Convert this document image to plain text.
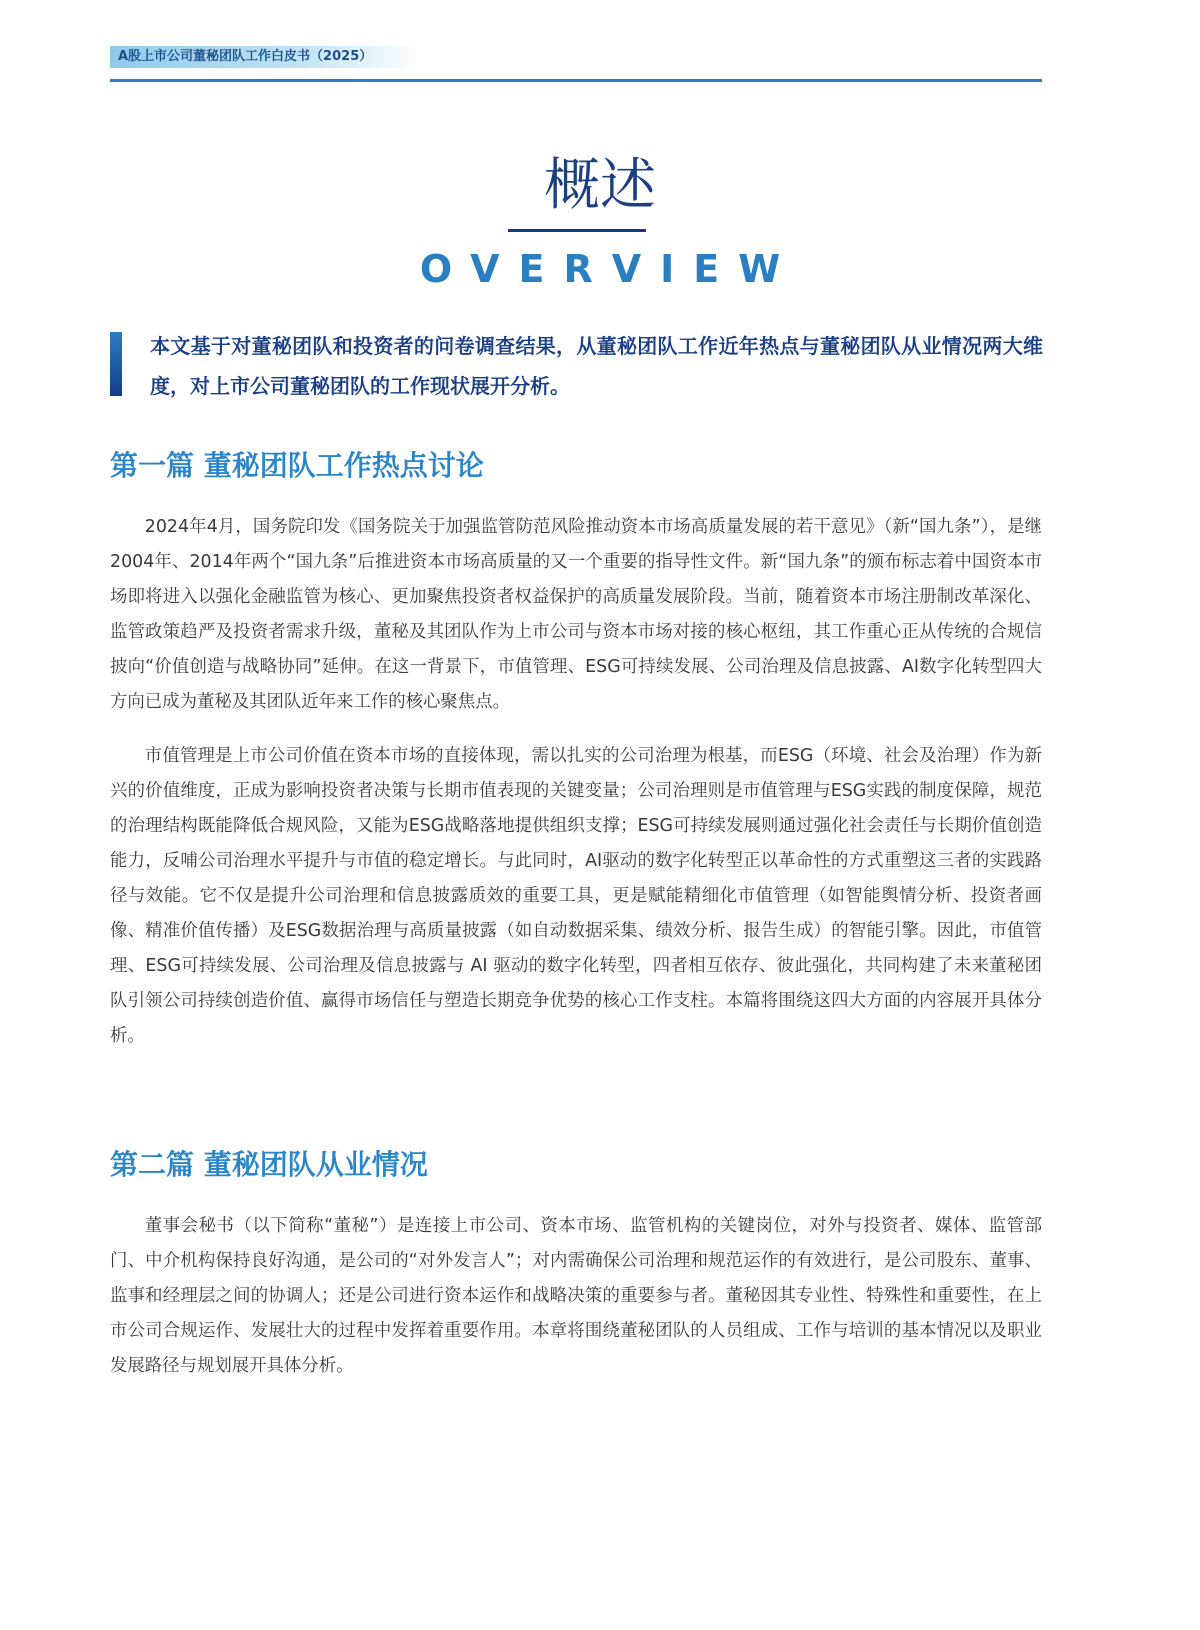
A股上市公司董秘团队工作白皮书（2025）
概述
OVERVIEW

本文基于对董秘团队和投资者的问卷调查结果，从董秘团队工作近年热点与董秘团队从业情况两大维度，对上市公司董秘团队的工作现状展开分析。

第一篇 董秘团队工作热点讨论

2024年4月，国务院印发《国务院关于加强监管防范风险推动资本市场高质量发展的若干意见》（新“国九条”），是继2004年、2014年两个“国九条”后推进资本市场高质量的又一个重要的指导性文件。新“国九条”的颁布标志着中国资本市场即将进入以强化金融监管为核心、更加聚焦投资者权益保护的高质量发展阶段。当前，随着资本市场注册制改革深化、监管政策趋严及投资者需求升级，董秘及其团队作为上市公司与资本市场对接的核心枢纽，其工作重心正从传统的合规信披向“价值创造与战略协同”延伸。在这一背景下，市值管理、ESG可持续发展、公司治理及信息披露、AI数字化转型四大方向已成为董秘及其团队近年来工作的核心聚焦点。

市值管理是上市公司价值在资本市场的直接体现，需以扎实的公司治理为根基，而ESG（环境、社会及治理）作为新兴的价值维度，正成为影响投资者决策与长期市值表现的关键变量；公司治理则是市值管理与ESG实践的制度保障，规范的治理结构既能降低合规风险，又能为ESG战略落地提供组织支撑；ESG可持续发展则通过强化社会责任与长期价值创造能力，反哺公司治理水平提升与市值的稳定增长。与此同时，AI驱动的数字化转型正以革命性的方式重塑这三者的实践路径与效能。它不仅是提升公司治理和信息披露质效的重要工具，更是赋能精细化市值管理（如智能舆情分析、投资者画像、精准价值传播）及ESG数据治理与高质量披露（如自动数据采集、绩效分析、报告生成）的智能引擎。因此，市值管理、ESG可持续发展、公司治理及信息披露与 AI 驱动的数字化转型，四者相互依存、彼此强化，共同构建了未来董秘团队引领公司持续创造价值、赢得市场信任与塑造长期竞争优势的核心工作支柱。本篇将围绕这四大方面的内容展开具体分析。

第二篇 董秘团队从业情况

董事会秘书（以下简称“董秘”）是连接上市公司、资本市场、监管机构的关键岗位，对外与投资者、媒体、监管部门、中介机构保持良好沟通，是公司的“对外发言人”；对内需确保公司治理和规范运作的有效进行，是公司股东、董事、监事和经理层之间的协调人；还是公司进行资本运作和战略决策的重要参与者。董秘因其专业性、特殊性和重要性，在上市公司合规运作、发展壮大的过程中发挥着重要作用。本章将围绕董秘团队的人员组成、工作与培训的基本情况以及职业发展路径与规划展开具体分析。
